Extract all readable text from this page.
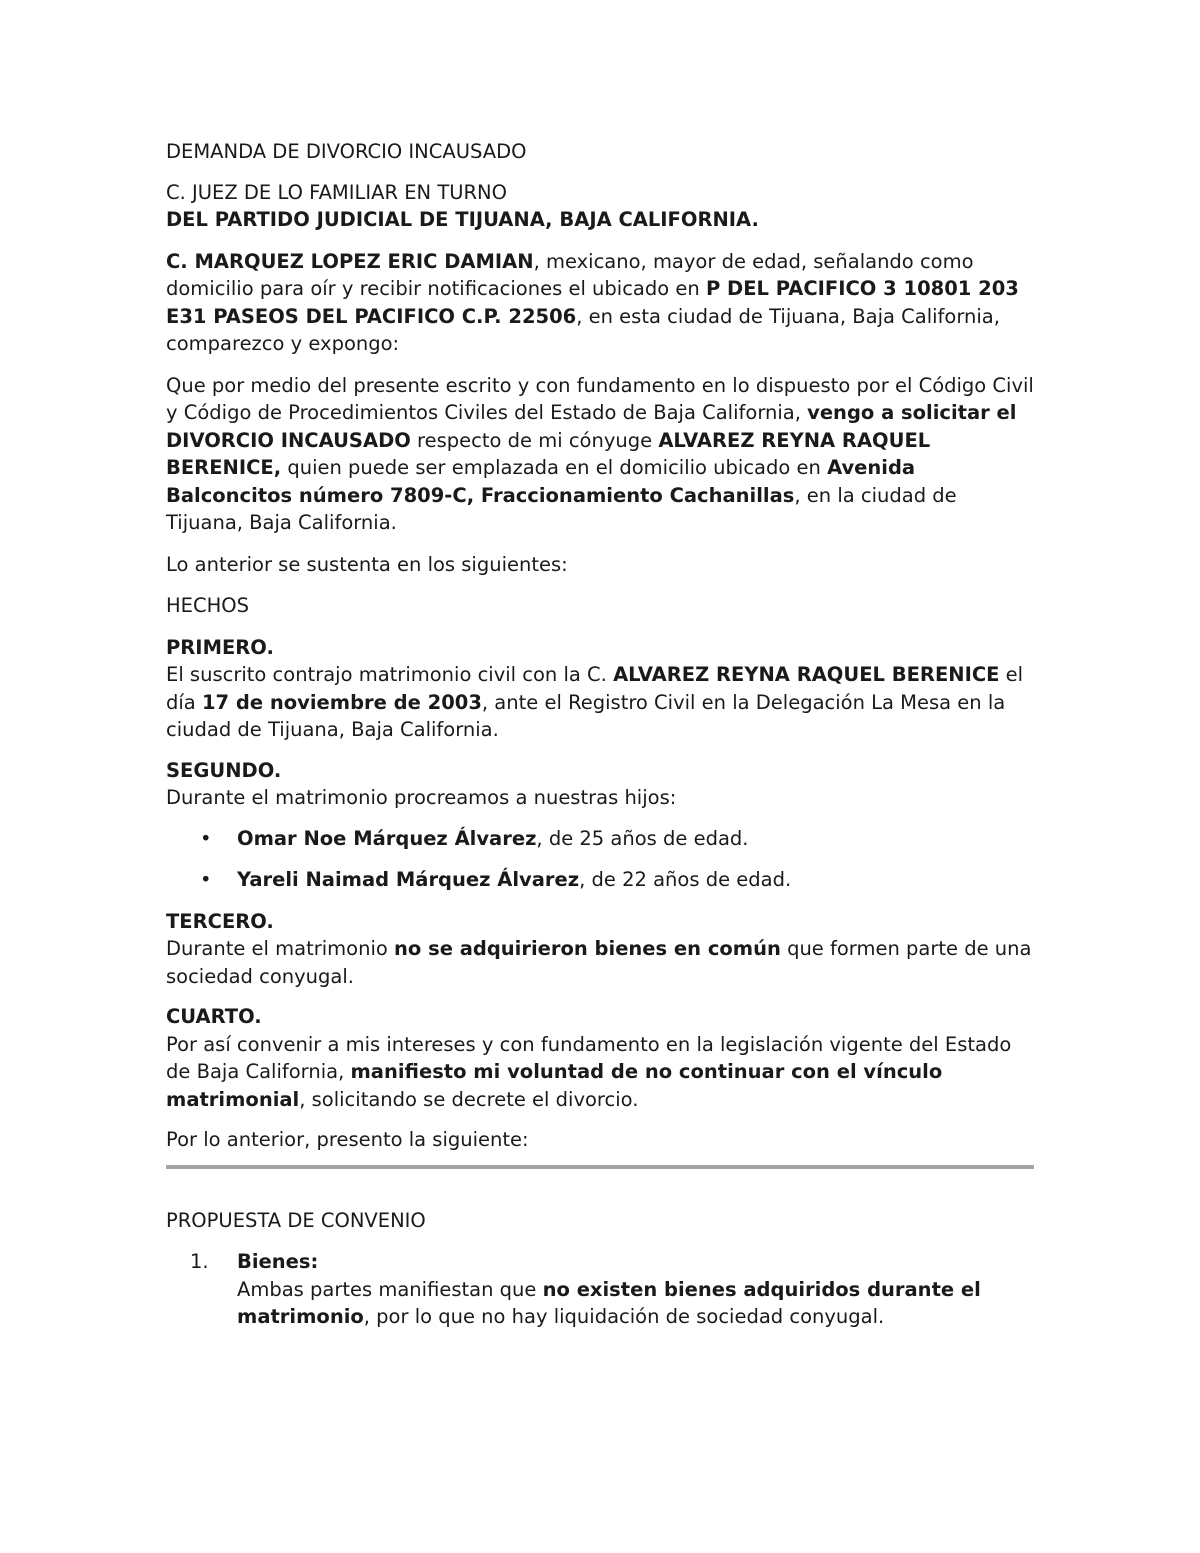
DEMANDA DE DIVORCIO INCAUSADO

C. JUEZ DE LO FAMILIAR EN TURNO

DEL PARTIDO JUDICIAL DE TIJUANA, BAJA CALIFORNIA.

C. MARQUEZ LOPEZ ERIC DAMIAN, mexicano, mayor de edad, señalando como domicilio para oír y recibir notificaciones el ubicado en P DEL PACIFICO 3 10801 203 E31 PASEOS DEL PACIFICO C.P. 22506, en esta ciudad de Tijuana, Baja California, comparezco y expongo:

Que por medio del presente escrito y con fundamento en lo dispuesto por el Código Civil y Código de Procedimientos Civiles del Estado de Baja California, vengo a solicitar el DIVORCIO INCAUSADO respecto de mi cónyuge ALVAREZ REYNA RAQUEL BERENICE, quien puede ser emplazada en el domicilio ubicado en Avenida Balconcitos número 7809-C, Fraccionamiento Cachanillas, en la ciudad de Tijuana, Baja California.

Lo anterior se sustenta en los siguientes:

HECHOS

PRIMERO.

El suscrito contrajo matrimonio civil con la C. ALVAREZ REYNA RAQUEL BERENICE el día 17 de noviembre de 2003, ante el Registro Civil en la Delegación La Mesa en la ciudad de Tijuana, Baja California.

SEGUNDO.

Durante el matrimonio procreamos a nuestras hijos:

• Omar Noe Márquez Álvarez, de 25 años de edad.
• Yareli Naimad Márquez Álvarez, de 22 años de edad.

TERCERO.

Durante el matrimonio no se adquirieron bienes en común que formen parte de una sociedad conyugal.

CUARTO.

Por así convenir a mis intereses y con fundamento en la legislación vigente del Estado de Baja California, manifiesto mi voluntad de no continuar con el vínculo matrimonial, solicitando se decrete el divorcio.

Por lo anterior, presento la siguiente:

PROPUESTA DE CONVENIO

1. Bienes:

Ambas partes manifiestan que no existen bienes adquiridos durante el matrimonio, por lo que no hay liquidación de sociedad conyugal.
